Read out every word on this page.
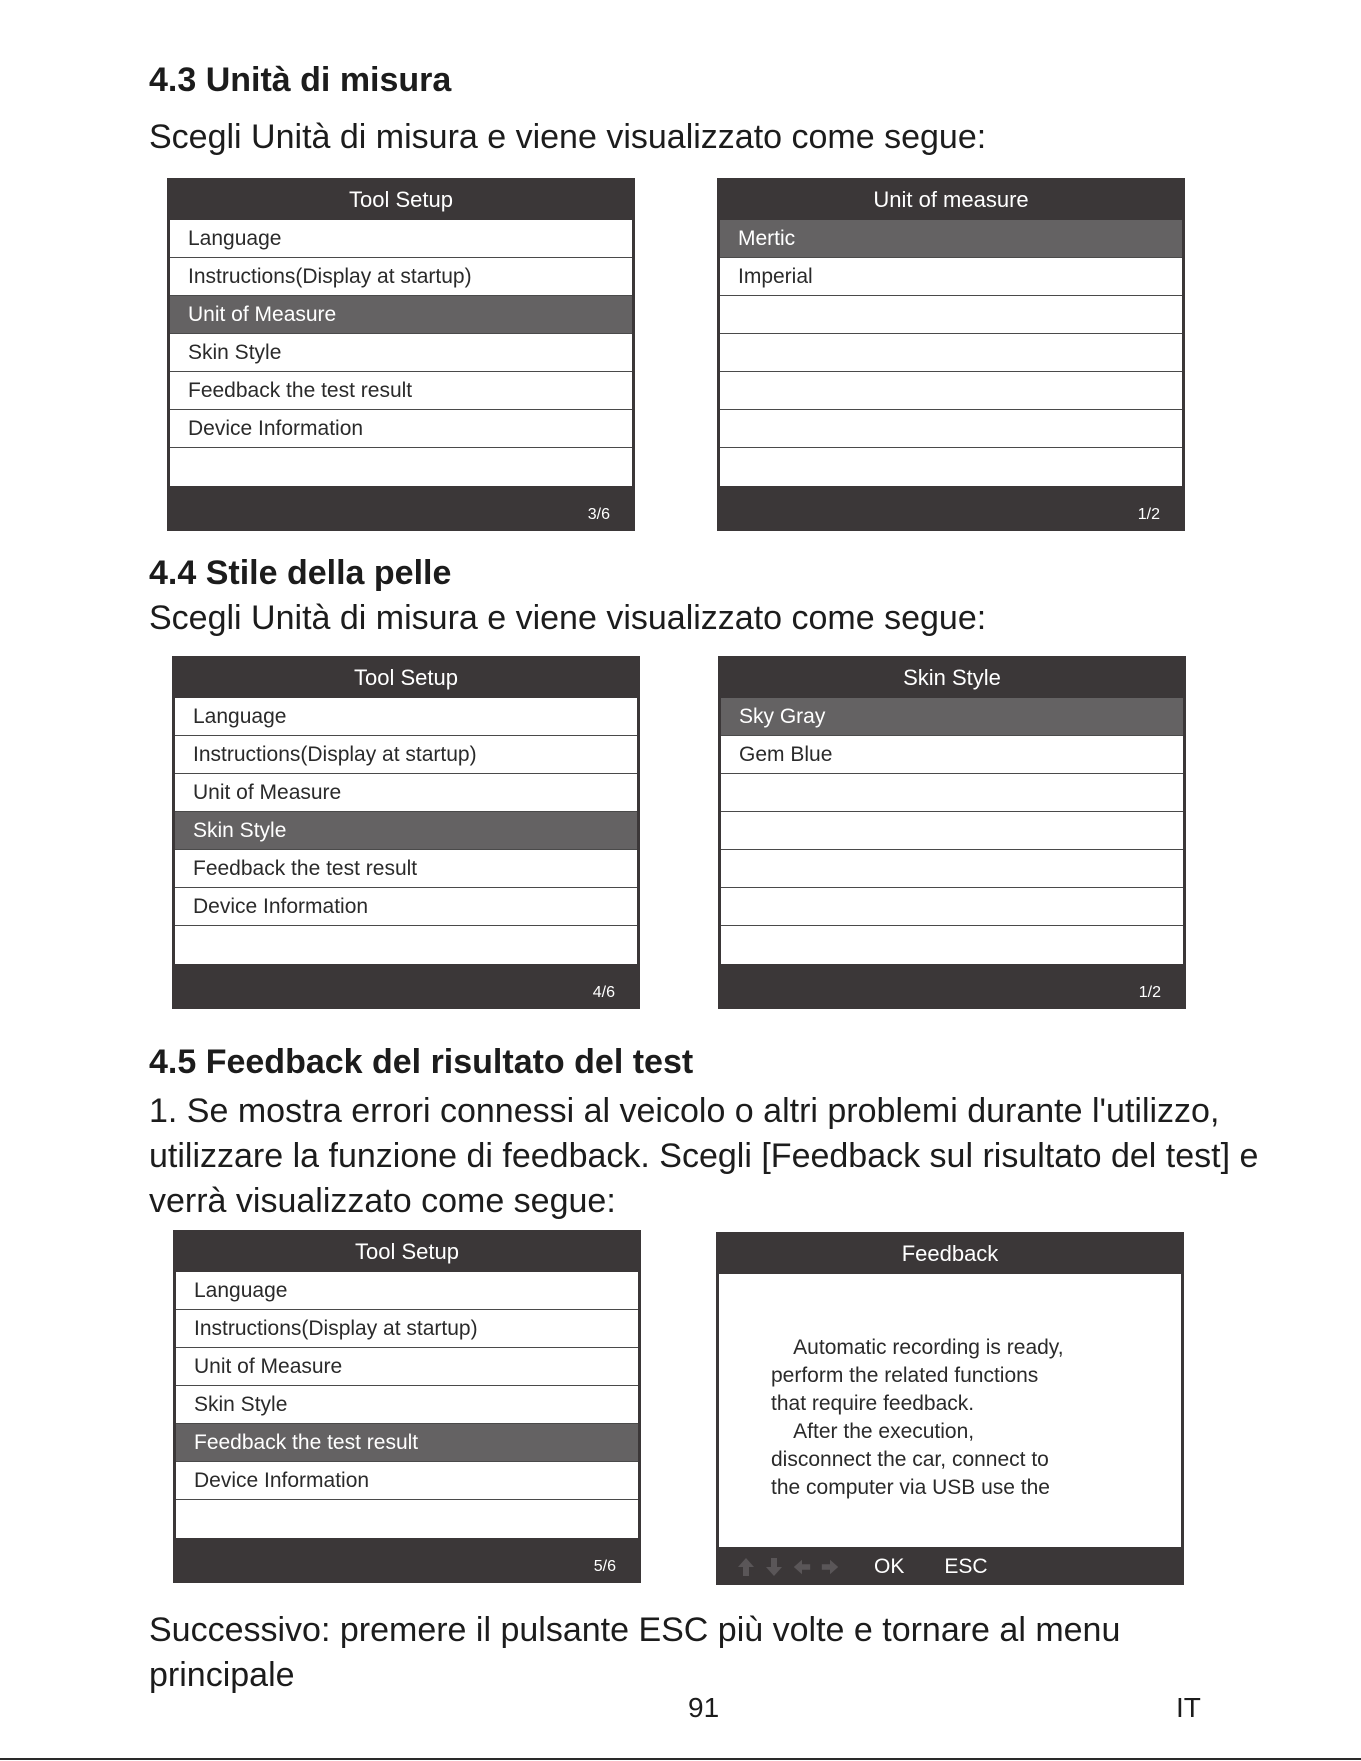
4.3 Unità di misura

Scegli Unità di misura e viene visualizzato come segue:

Tool Setup
Language
Instructions(Display at startup)
Unit of Measure
Skin Style
Feedback the test result
Device Information
3/6
Unit of measure
Mertic
Imperial
1/2
4.4 Stile della pelle

Scegli Unità di misura e viene visualizzato come segue:

Tool Setup
Language
Instructions(Display at startup)
Unit of Measure
Skin Style
Feedback the test result
Device Information
4/6
Skin Style
Sky Gray
Gem Blue
1/2
4.5 Feedback del risultato del test

1. Se mostra errori connessi al veicolo o altri problemi durante l'utilizzo, utilizzare la funzione di feedback. Scegli [Feedback sul risultato del test] e verrà visualizzato come segue:

Tool Setup
Language
Instructions(Display at startup)
Unit of Measure
Skin Style
Feedback the test result
Device Information
5/6
Feedback
Automatic recording is ready,
perform the related functions
that require feedback.
After the execution,
disconnect the car, connect to
the computer via USB use the
OK ESC

Successivo: premere il pulsante ESC più volte e tornare al menu principale

91	IT
